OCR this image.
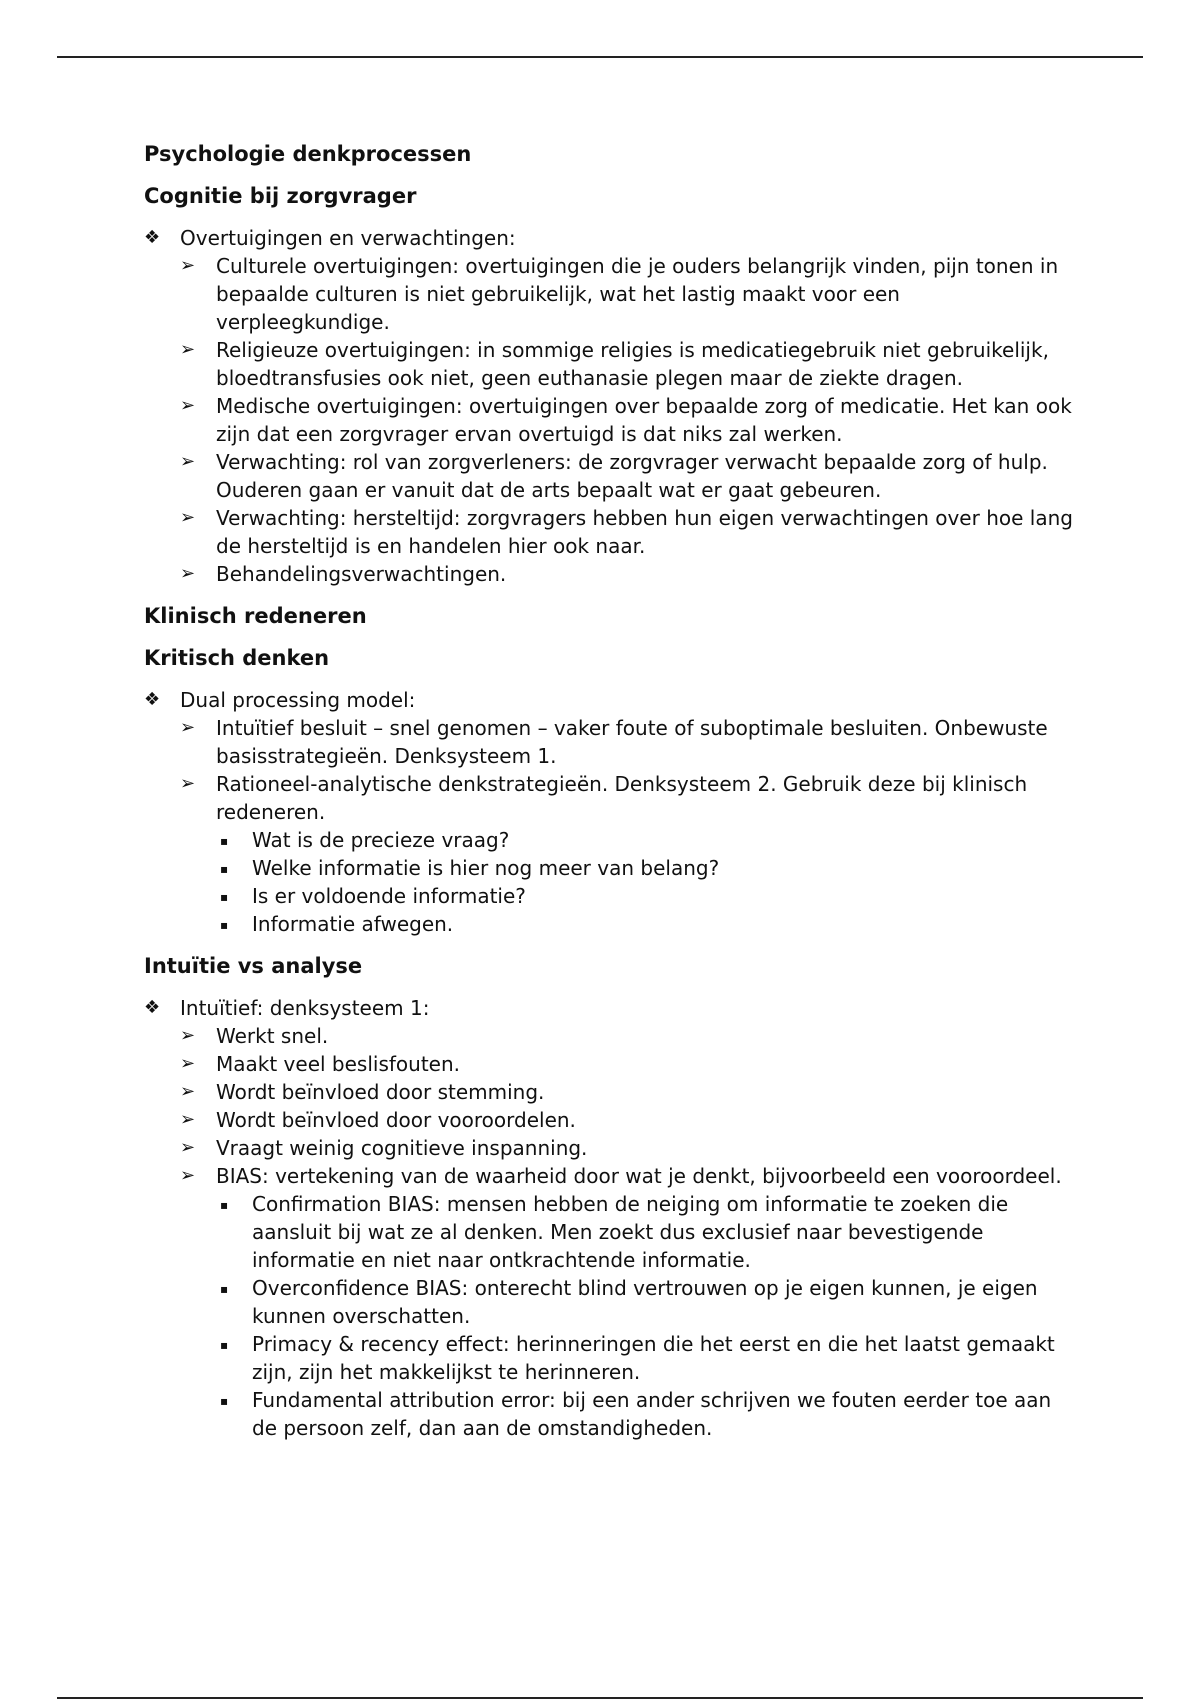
Psychologie denkprocessen

Cognitie bij zorgvrager

❖ Overtuigingen en verwachtingen:
➢	Culturele overtuigingen: overtuigingen die je ouders belangrijk vinden, pijn tonen in bepaalde culturen is niet gebruikelijk, wat het lastig maakt voor een verpleegkundige.
➢	Religieuze overtuigingen: in sommige religies is medicatiegebruik niet gebruikelijk, bloedtransfusies ook niet, geen euthanasie plegen maar de ziekte dragen.
➢	Medische overtuigingen: overtuigingen over bepaalde zorg of medicatie. Het kan ook zijn dat een zorgvrager ervan overtuigd is dat niks zal werken.
➢	Verwachting: rol van zorgverleners: de zorgvrager verwacht bepaalde zorg of hulp. Ouderen gaan er vanuit dat de arts bepaalt wat er gaat gebeuren.
➢	Verwachting: hersteltijd: zorgvragers hebben hun eigen verwachtingen over hoe lang de hersteltijd is en handelen hier ook naar.
➢	Behandelingsverwachtingen.

Klinisch redeneren

Kritisch denken

❖ Dual processing model:
➢	Intuïtief besluit – snel genomen – vaker foute of suboptimale besluiten. Onbewuste basisstrategieën. Denksysteem 1.
➢	Rationeel-analytische denkstrategieën. Denksysteem 2. Gebruik deze bij klinisch redeneren.
▪	Wat is de precieze vraag?
▪	Welke informatie is hier nog meer van belang?
▪	Is er voldoende informatie?
▪	Informatie afwegen.

Intuïtie vs analyse

❖ Intuïtief: denksysteem 1:
➢	Werkt snel.
➢	Maakt veel beslisfouten.
➢	Wordt beïnvloed door stemming.
➢	Wordt beïnvloed door vooroordelen.
➢	Vraagt weinig cognitieve inspanning.
➢	BIAS: vertekening van de waarheid door wat je denkt, bijvoorbeeld een vooroordeel.
▪	Confirmation BIAS: mensen hebben de neiging om informatie te zoeken die aansluit bij wat ze al denken. Men zoekt dus exclusief naar bevestigende informatie en niet naar ontkrachtende informatie.
▪	Overconfidence BIAS: onterecht blind vertrouwen op je eigen kunnen, je eigen kunnen overschatten.
▪	Primacy & recency effect: herinneringen die het eerst en die het laatst gemaakt zijn, zijn het makkelijkst te herinneren.
▪	Fundamental attribution error: bij een ander schrijven we fouten eerder toe aan de persoon zelf, dan aan de omstandigheden.
